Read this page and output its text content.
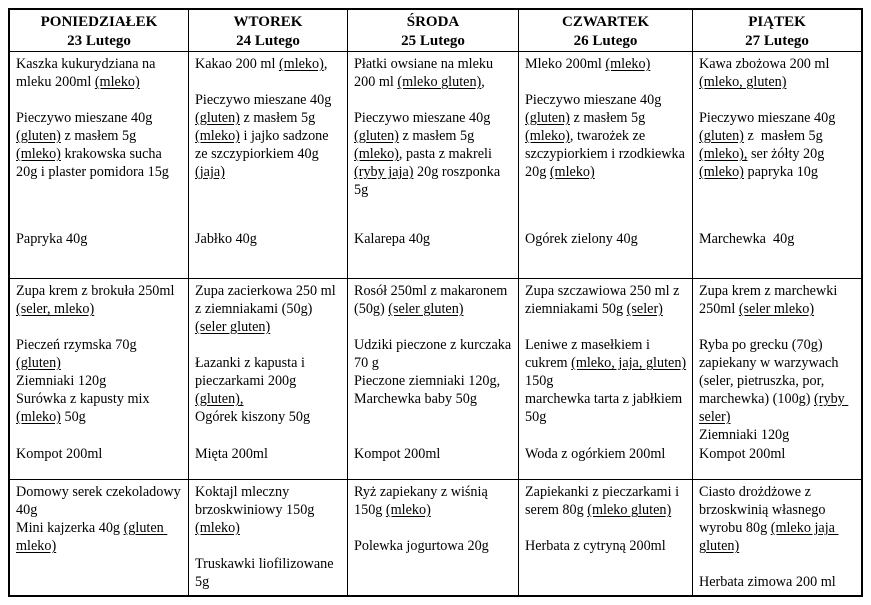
PONIEDZIAŁEK
23 Lutego
WTOREK
24 Lutego
ŚRODA
25 Lutego
CZWARTEK
26 Lutego
PIĄTEK
27 Lutego
Kaszka kukurydziana na mleku 200ml (mleko)
Pieczywo mieszane 40g (gluten) z masłem 5g (mleko) krakowska sucha 20g i plaster pomidora 15g
Papryka 40g
Kakao 200 ml (mleko),
Pieczywo mieszane 40g (gluten) z masłem 5g (mleko) i jajko sadzone ze szczypiorkiem 40g (jaja)
Jabłko 40g
Płatki owsiane na mleku 200 ml (mleko gluten),
Pieczywo mieszane 40g (gluten) z masłem 5g (mleko), pasta z makreli (ryby jaja) 20g roszponka 5g
Kalarepa 40g
Mleko 200ml (mleko)
Pieczywo mieszane 40g (gluten) z masłem 5g (mleko), twarożek ze szczypiorkiem i rzodkiewka 20g (mleko)
Ogórek zielony 40g
Kawa zbożowa 200 ml (mleko, gluten)
Pieczywo mieszane 40g (gluten) z  masłem 5g (mleko), ser żółty 20g (mleko) papryka 10g
Marchewka  40g
Zupa krem z brokuła 250ml (seler, mleko)
Pieczeń rzymska 70g (gluten)
Ziemniaki 120g
Surówka z kapusty mix (mleko) 50g
Kompot 200ml
Zupa zacierkowa 250 ml z ziemniakami (50g) (seler gluten)
Łazanki z kapusta i pieczarkami 200g  (gluten),
Ogórek kiszony 50g
Mięta 200ml
Rosół 250ml z makaronem (50g) (seler gluten)
Udziki pieczone z kurczaka 70 g
Pieczone ziemniaki 120g,
Marchewka baby 50g
Kompot 200ml
Zupa szczawiowa 250 ml z ziemniakami 50g (seler)
Leniwe z masełkiem i cukrem (mleko, jaja, gluten) 150g
marchewka tarta z jabłkiem 50g
Woda z ogórkiem 200ml
Zupa krem z marchewki 250ml (seler mleko)
Ryba po grecku (70g) zapiekany w warzywach (seler, pietruszka, por, marchewka) (100g) (ryby seler)
Ziemniaki 120g
Kompot 200ml
Domowy serek czekoladowy 40g
Mini kajzerka 40g (gluten mleko)
Koktajl mleczny brzoskwiniowy 150g (mleko)
Truskawki liofilizowane 5g
Ryż zapiekany z wiśnią 150g (mleko)
Polewka jogurtowa 20g
Zapiekanki z pieczarkami i serem 80g (mleko gluten)
Herbata z cytryną 200ml
Ciasto drożdżowe z brzoskwinią własnego wyrobu 80g (mleko jaja gluten)
Herbata zimowa 200 ml
